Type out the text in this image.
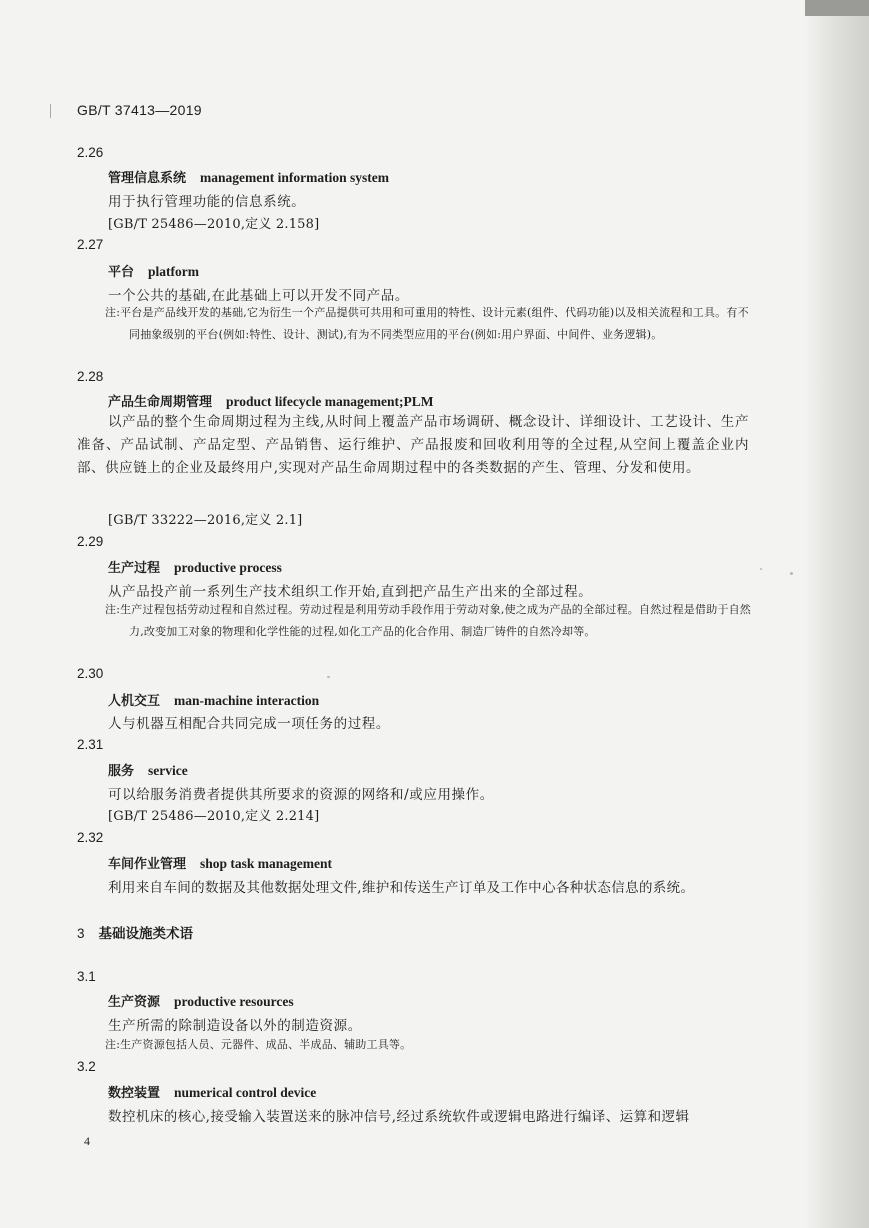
GB/T 37413—2019
2.26
管理信息系统 management information system
用于执行管理功能的信息系统。
[GB/T 25486—2010,定义 2.158]
2.27
平台 platform
一个公共的基础,在此基础上可以开发不同产品。
注:平台是产品线开发的基础,它为衍生一个产品提供可共用和可重用的特性、设计元素(组件、代码功能)以及相关流程和工具。有不同抽象级别的平台(例如:特性、设计、测试),有为不同类型应用的平台(例如:用户界面、中间件、业务逻辑)。
2.28
产品生命周期管理 product lifecycle management;PLM
以产品的整个生命周期过程为主线,从时间上覆盖产品市场调研、概念设计、详细设计、工艺设计、生产准备、产品试制、产品定型、产品销售、运行维护、产品报废和回收利用等的全过程,从空间上覆盖企业内部、供应链上的企业及最终用户,实现对产品生命周期过程中的各类数据的产生、管理、分发和使用。
[GB/T 33222—2016,定义 2.1]
2.29
生产过程 productive process
从产品投产前一系列生产技术组织工作开始,直到把产品生产出来的全部过程。
注:生产过程包括劳动过程和自然过程。劳动过程是利用劳动手段作用于劳动对象,使之成为产品的全部过程。自然过程是借助于自然力,改变加工对象的物理和化学性能的过程,如化工产品的化合作用、制造厂铸件的自然冷却等。
2.30
人机交互 man-machine interaction
人与机器互相配合共同完成一项任务的过程。
2.31
服务 service
可以给服务消费者提供其所要求的资源的网络和/或应用操作。
[GB/T 25486—2010,定义 2.214]
2.32
车间作业管理 shop task management
利用来自车间的数据及其他数据处理文件,维护和传送生产订单及工作中心各种状态信息的系统。
3 基础设施类术语
3.1
生产资源 productive resources
生产所需的除制造设备以外的制造资源。
注:生产资源包括人员、元器件、成品、半成品、辅助工具等。
3.2
数控装置 numerical control device
数控机床的核心,接受输入装置送来的脉冲信号,经过系统软件或逻辑电路进行编译、运算和逻辑
4
